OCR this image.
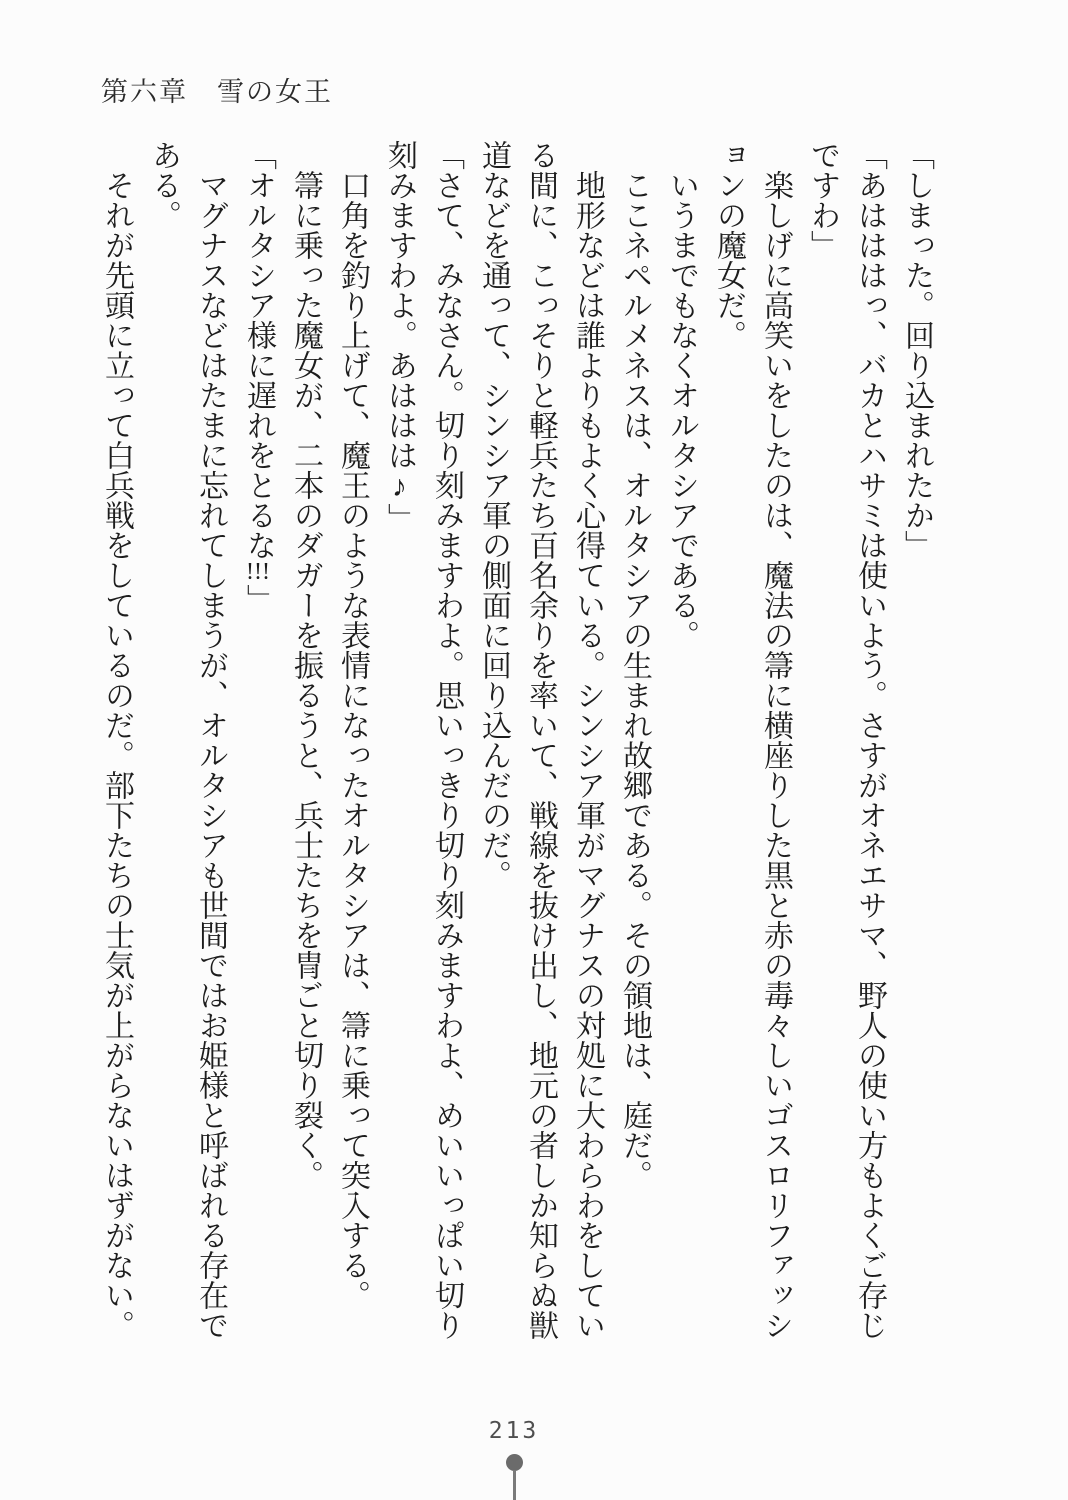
第六章　雪の女王

「しまった。回り込まれたか」

「あはははっ、バカとハサミは使いよう。さすがオネエサマ、野人の使い方もよくご存じ

ですわ」

楽しげに高笑いをしたのは、魔法の箒に横座りした黒と赤の毒々しいゴスロリファッシ

ョンの魔女だ。

いうまでもなくオルタシアである。

ここネペルメネスは、オルタシアの生まれ故郷である。その領地は、庭だ。

地形などは誰よりもよく心得ている。シンシア軍がマグナスの対処に大わらわをしてい

る間に、こっそりと軽兵たち百名余りを率いて、戦線を抜け出し、地元の者しか知らぬ獣

道などを通って、シンシア軍の側面に回り込んだのだ。

「さて、みなさん。切り刻みますわよ。思いっきり切り刻みますわよ、めいいっぱい切り

刻みますわよ。あははは♪」

口角を釣り上げて、魔王のような表情になったオルタシアは、箒に乗って突入する。

箒に乗った魔女が、二本のダガーを振るうと、兵士たちを冑ごと切り裂く。

「オルタシア様に遅れをとるな!!!」

マグナスなどはたまに忘れてしまうが、オルタシアも世間ではお姫様と呼ばれる存在で

ある。

それが先頭に立って白兵戦をしているのだ。部下たちの士気が上がらないはずがない。

213
